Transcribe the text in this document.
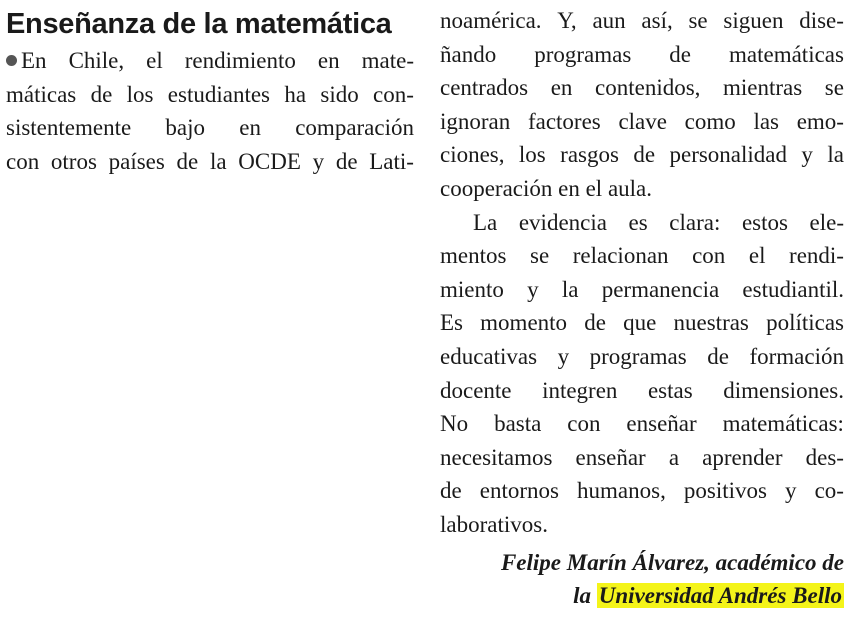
Enseñanza de la matemática
En Chile, el rendimiento en mate-
máticas de los estudiantes ha sido con-
sistentemente bajo en comparación
con otros países de la OCDE y de Lati-
noamérica. Y, aun así, se siguen dise-
ñando programas de matemáticas
centrados en contenidos, mientras se
ignoran factores clave como las emo-
ciones, los rasgos de personalidad y la
cooperación en el aula.
La evidencia es clara: estos ele-
mentos se relacionan con el rendi-
miento y la permanencia estudiantil.
Es momento de que nuestras políticas
educativas y programas de formación
docente integren estas dimensiones.
No basta con enseñar matemáticas:
necesitamos enseñar a aprender des-
de entornos humanos, positivos y co-
laborativos.
Felipe Marín Álvarez, académico de
la Universidad Andrés Bello
